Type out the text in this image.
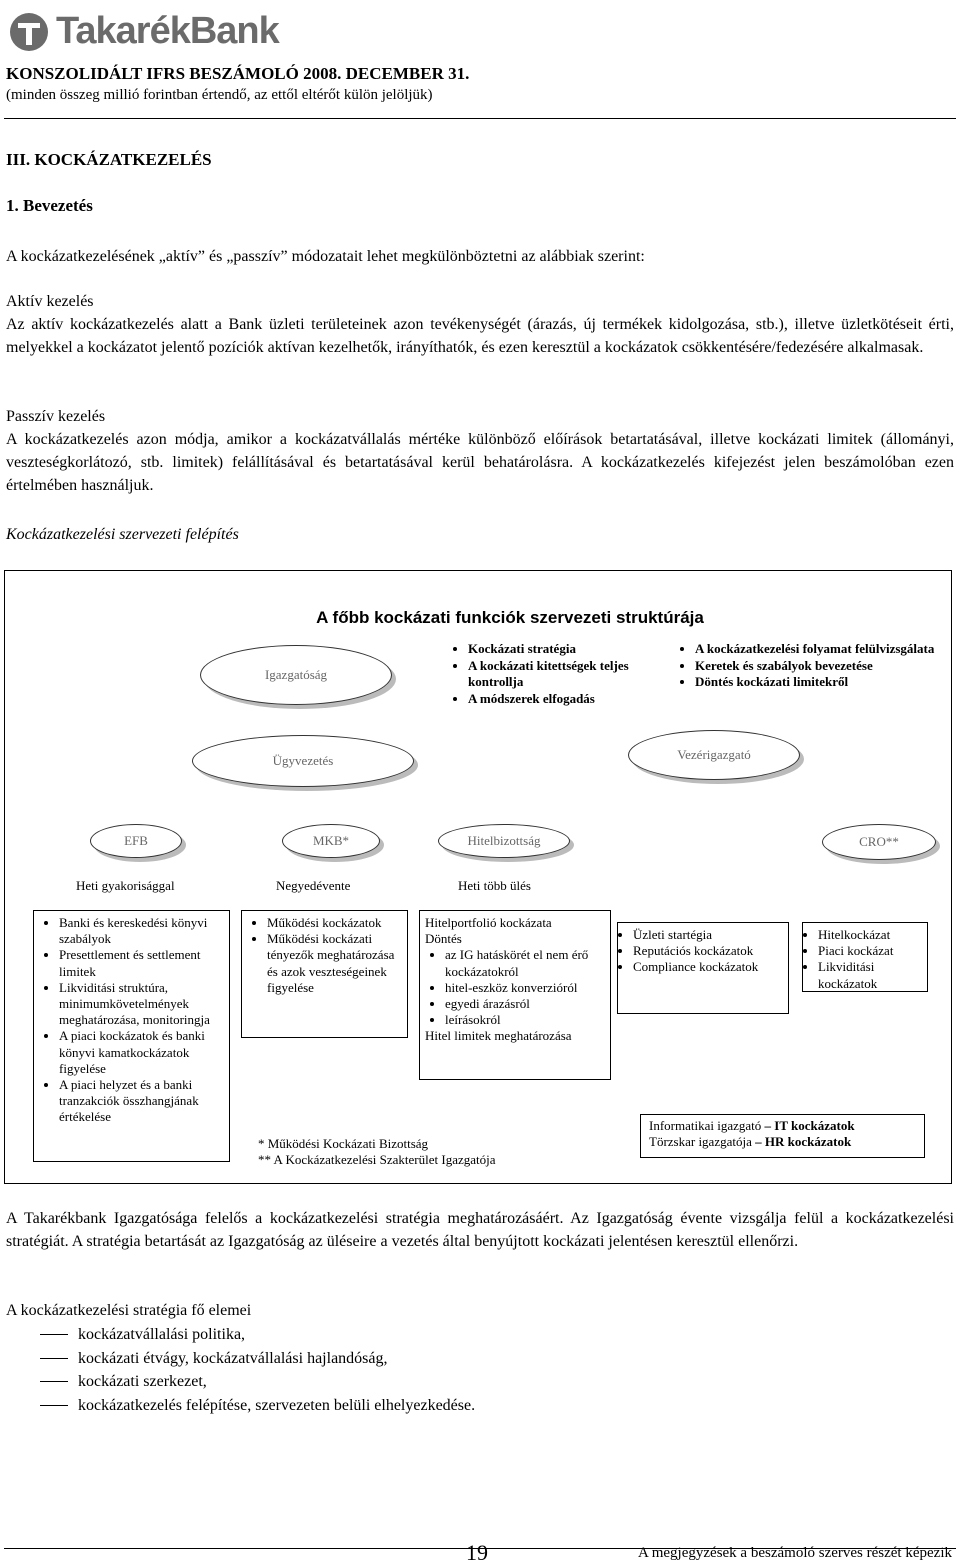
TakarékBank
KONSZOLIDÁLT IFRS BESZÁMOLÓ 2008. DECEMBER 31.
(minden összeg millió forintban értendő, az ettől eltérőt külön jelöljük)
III. KOCKÁZATKEZELÉS
1. Bevezetés
A kockázatkezelésének „aktív” és „passzív” módozatait lehet megkülönböztetni az alábbiak szerint:
Aktív kezelés
Az aktív kockázatkezelés alatt a Bank üzleti területeinek azon tevékenységét (árazás, új termékek kidolgozása, stb.), illetve üzletkötéseit érti, melyekkel a kockázatot jelentő pozíciók aktívan kezelhetők, irányíthatók, és ezen keresztül a kockázatok csökkentésére/fedezésére alkalmasak.
Passzív kezelés
A kockázatkezelés azon módja, amikor a kockázatvállalás mértéke különböző előírások betartatásával, illetve kockázati limitek (állományi, veszteségkorlátozó, stb. limitek) felállításával és betartatásával kerül behatárolásra. A kockázatkezelés kifejezést jelen beszámolóban ezen értelmében használjuk.
Kockázatkezelési szervezeti felépítés
A főbb kockázati funkciók szervezeti struktúrája
Igazgatóság
• Kockázati stratégia
• A kockázati kitettségek teljes kontrollja
• A módszerek elfogadás
• A kockázatkezelési folyamat felülvizsgálata
• Keretek és szabályok bevezetése
• Döntés kockázati limitekről
Ügyvezetés	Vezérigazgató
EFB	MKB*	Hitelbizottság	CRO**
Heti gyakorisággal	Negyedévente	Heti több ülés
• Banki és kereskedési könyvi szabályok
• Presettlement és settlement limitek
• Likviditási struktúra, minimumkövetelmények meghatározása, monitoringja
• A piaci kockázatok és banki könyvi kamatkockázatok figyelése
• A piaci helyzet és a banki tranzakciók összhangjának értékelése
• Működési kockázatok
• Működési kockázati tényezők meghatározása és azok veszteségeinek figyelése
Hitelportfolió kockázata
Döntés
• az IG hatáskörét el nem érő kockázatokról
• hitel-eszköz konverzióról
• egyedi árazásról
• leírásokról
Hitel limitek meghatározása
• Üzleti startégia
• Reputációs kockázatok
• Compliance kockázatok
• Hitelkockázat
• Piaci kockázat
• Likviditási kockázatok
Informatikai igazgató – IT kockázatok
Törzskar igazgatója – HR kockázatok
* Működési Kockázati Bizottság
** A Kockázatkezelési Szakterület Igazgatója
A Takarékbank Igazgatósága felelős a kockázatkezelési stratégia meghatározásáért. Az Igazgatóság évente vizsgálja felül a kockázatkezelési stratégiát. A stratégia betartását az Igazgatóság az üléseire a vezetés által benyújtott kockázati jelentésen keresztül ellenőrzi.
A kockázatkezelési stratégia fő elemei
kockázatvállalási politika,
kockázati étvágy, kockázatvállalási hajlandóság,
kockázati szerkezet,
kockázatkezelés felépítése, szervezeten belüli elhelyezkedése.
19	A megjegyzések a beszámoló szerves részét képezik
